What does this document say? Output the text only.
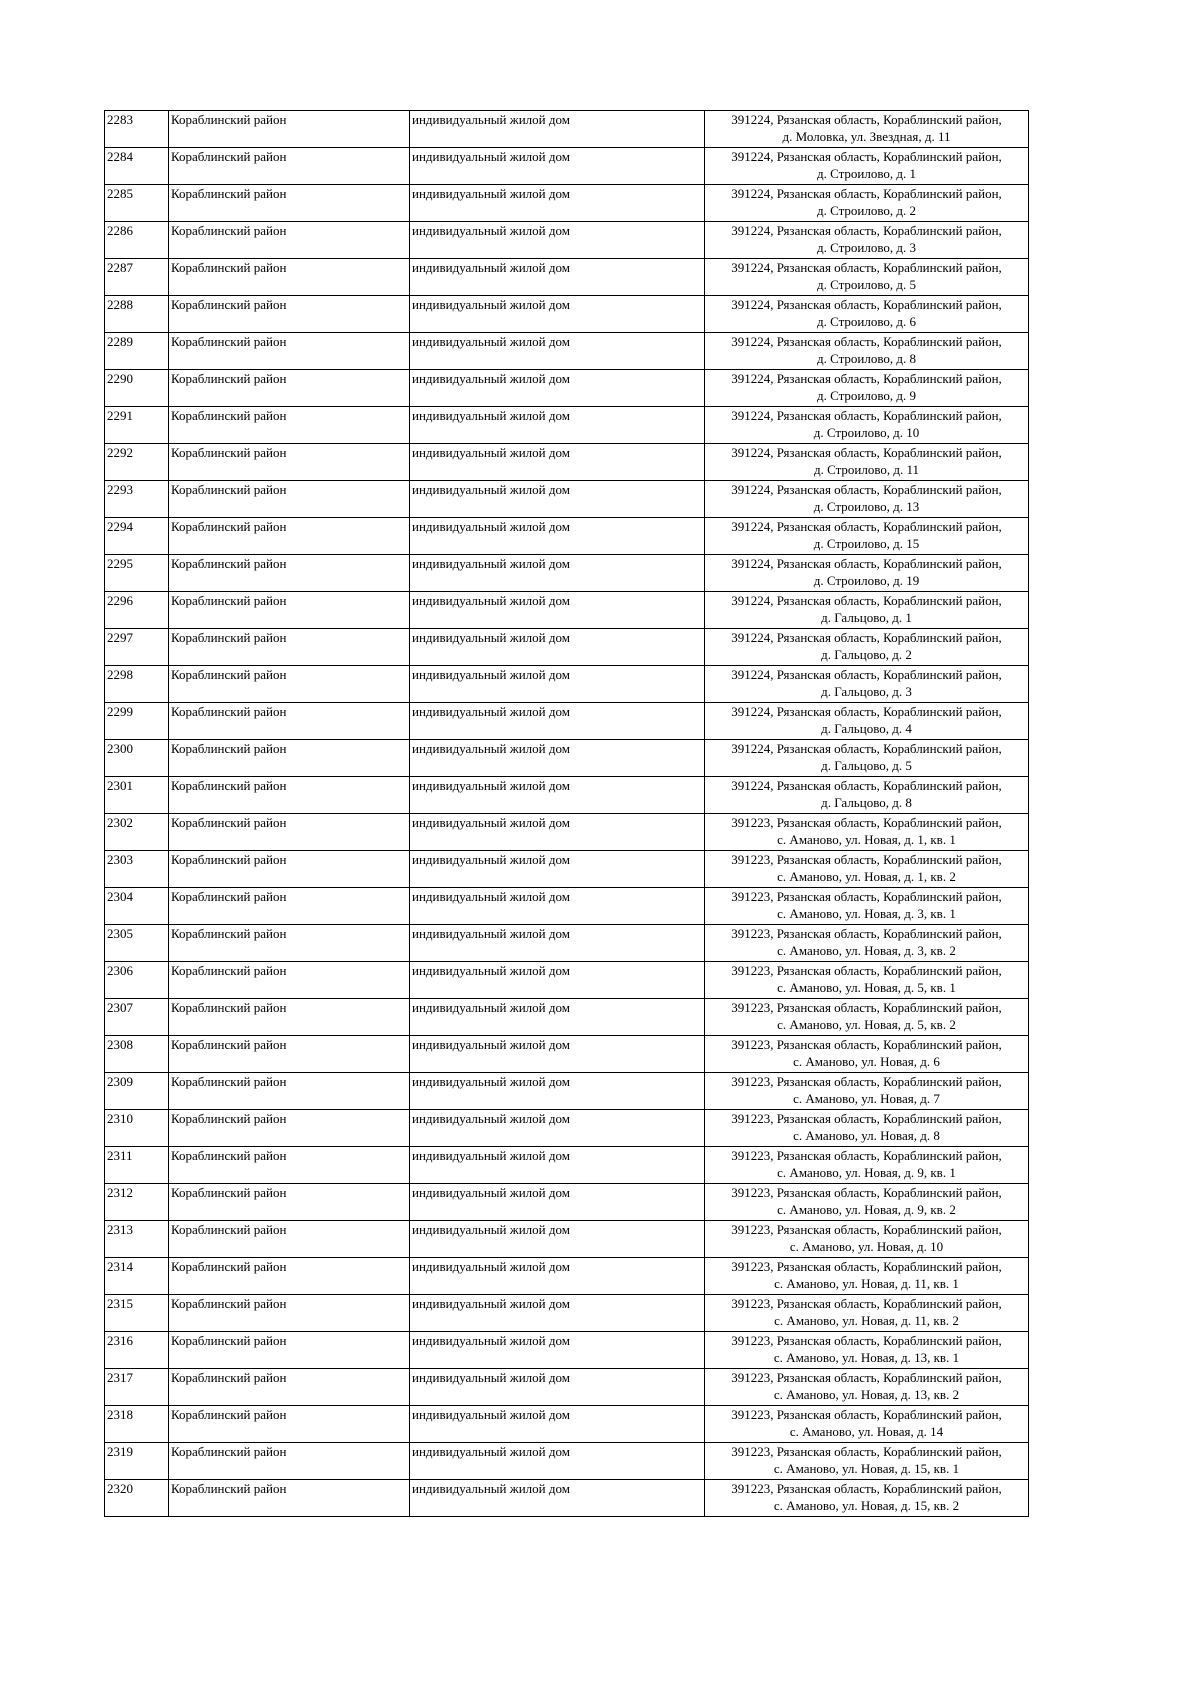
2283	Кораблинский район	индивидуальный жилой дом	391224, Рязанская область, Кораблинский район,
д. Моловка, ул. Звездная, д. 11

2284	Кораблинский район	индивидуальный жилой дом	391224, Рязанская область, Кораблинский район,
д. Строилово, д. 1

2285	Кораблинский район	индивидуальный жилой дом	391224, Рязанская область, Кораблинский район,
д. Строилово, д. 2

2286	Кораблинский район	индивидуальный жилой дом	391224, Рязанская область, Кораблинский район,
д. Строилово, д. 3

2287	Кораблинский район	индивидуальный жилой дом	391224, Рязанская область, Кораблинский район,
д. Строилово, д. 5

2288	Кораблинский район	индивидуальный жилой дом	391224, Рязанская область, Кораблинский район,
д. Строилово, д. 6

2289	Кораблинский район	индивидуальный жилой дом	391224, Рязанская область, Кораблинский район,
д. Строилово, д. 8

2290	Кораблинский район	индивидуальный жилой дом	391224, Рязанская область, Кораблинский район,
д. Строилово, д. 9

2291	Кораблинский район	индивидуальный жилой дом	391224, Рязанская область, Кораблинский район,
д. Строилово, д. 10

2292	Кораблинский район	индивидуальный жилой дом	391224, Рязанская область, Кораблинский район,
д. Строилово, д. 11

2293	Кораблинский район	индивидуальный жилой дом	391224, Рязанская область, Кораблинский район,
д. Строилово, д. 13

2294	Кораблинский район	индивидуальный жилой дом	391224, Рязанская область, Кораблинский район,
д. Строилово, д. 15

2295	Кораблинский район	индивидуальный жилой дом	391224, Рязанская область, Кораблинский район,
д. Строилово, д. 19

2296	Кораблинский район	индивидуальный жилой дом	391224, Рязанская область, Кораблинский район,
д. Гальцово, д. 1

2297	Кораблинский район	индивидуальный жилой дом	391224, Рязанская область, Кораблинский район,
д. Гальцово, д. 2

2298	Кораблинский район	индивидуальный жилой дом	391224, Рязанская область, Кораблинский район,
д. Гальцово, д. 3

2299	Кораблинский район	индивидуальный жилой дом	391224, Рязанская область, Кораблинский район,
д. Гальцово, д. 4

2300	Кораблинский район	индивидуальный жилой дом	391224, Рязанская область, Кораблинский район,
д. Гальцово, д. 5

2301	Кораблинский район	индивидуальный жилой дом	391224, Рязанская область, Кораблинский район,
д. Гальцово, д. 8

2302	Кораблинский район	индивидуальный жилой дом	391223, Рязанская область, Кораблинский район,
с. Аманово, ул. Новая, д. 1, кв. 1

2303	Кораблинский район	индивидуальный жилой дом	391223, Рязанская область, Кораблинский район,
с. Аманово, ул. Новая, д. 1, кв. 2

2304	Кораблинский район	индивидуальный жилой дом	391223, Рязанская область, Кораблинский район,
с. Аманово, ул. Новая, д. 3, кв. 1

2305	Кораблинский район	индивидуальный жилой дом	391223, Рязанская область, Кораблинский район,
с. Аманово, ул. Новая, д. 3, кв. 2

2306	Кораблинский район	индивидуальный жилой дом	391223, Рязанская область, Кораблинский район,
с. Аманово, ул. Новая, д. 5, кв. 1

2307	Кораблинский район	индивидуальный жилой дом	391223, Рязанская область, Кораблинский район,
с. Аманово, ул. Новая, д. 5, кв. 2

2308	Кораблинский район	индивидуальный жилой дом	391223, Рязанская область, Кораблинский район,
с. Аманово, ул. Новая, д. 6

2309	Кораблинский район	индивидуальный жилой дом	391223, Рязанская область, Кораблинский район,
с. Аманово, ул. Новая, д. 7

2310	Кораблинский район	индивидуальный жилой дом	391223, Рязанская область, Кораблинский район,
с. Аманово, ул. Новая, д. 8

2311	Кораблинский район	индивидуальный жилой дом	391223, Рязанская область, Кораблинский район,
с. Аманово, ул. Новая, д. 9, кв. 1

2312	Кораблинский район	индивидуальный жилой дом	391223, Рязанская область, Кораблинский район,
с. Аманово, ул. Новая, д. 9, кв. 2

2313	Кораблинский район	индивидуальный жилой дом	391223, Рязанская область, Кораблинский район,
с. Аманово, ул. Новая, д. 10

2314	Кораблинский район	индивидуальный жилой дом	391223, Рязанская область, Кораблинский район,
с. Аманово, ул. Новая, д. 11, кв. 1

2315	Кораблинский район	индивидуальный жилой дом	391223, Рязанская область, Кораблинский район,
с. Аманово, ул. Новая, д. 11, кв. 2

2316	Кораблинский район	индивидуальный жилой дом	391223, Рязанская область, Кораблинский район,
с. Аманово, ул. Новая, д. 13, кв. 1

2317	Кораблинский район	индивидуальный жилой дом	391223, Рязанская область, Кораблинский район,
с. Аманово, ул. Новая, д. 13, кв. 2

2318	Кораблинский район	индивидуальный жилой дом	391223, Рязанская область, Кораблинский район,
с. Аманово, ул. Новая, д. 14

2319	Кораблинский район	индивидуальный жилой дом	391223, Рязанская область, Кораблинский район,
с. Аманово, ул. Новая, д. 15, кв. 1

2320	Кораблинский район	индивидуальный жилой дом	391223, Рязанская область, Кораблинский район,
с. Аманово, ул. Новая, д. 15, кв. 2
